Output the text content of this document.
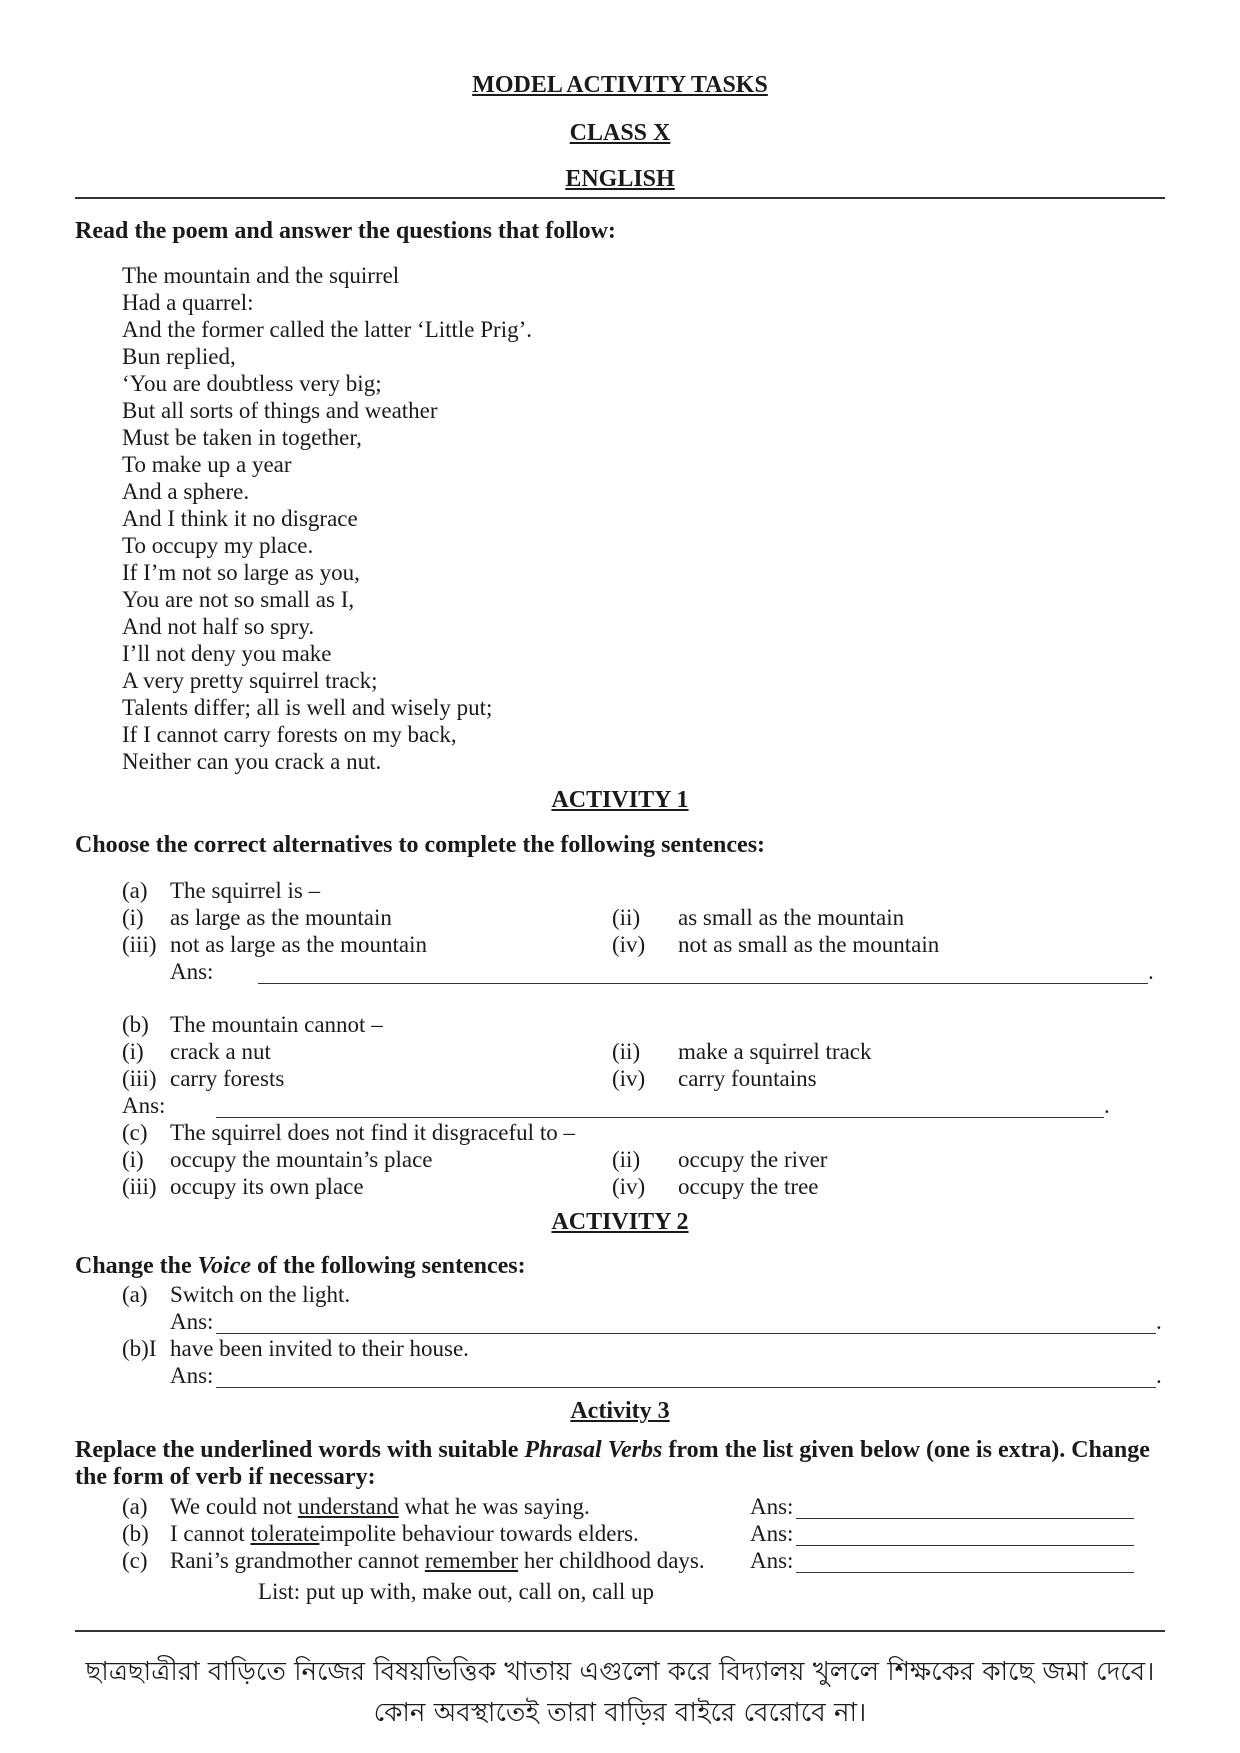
MODEL ACTIVITY TASKS
CLASS X
ENGLISH
Read the poem and answer the questions that follow:
The mountain and the squirrel
Had a quarrel:
And the former called the latter ‘Little Prig’.
Bun replied,
‘You are doubtless very big;
But all sorts of things and weather
Must be taken in together,
To make up a year
And a sphere.
And I think it no disgrace
To occupy my place.
If I’m not so large as you,
You are not so small as I,
And not half so spry.
I’ll not deny you make
A very pretty squirrel track;
Talents differ; all is well and wisely put;
If I cannot carry forests on my back,
Neither can you crack a nut.
ACTIVITY 1
Choose the correct alternatives to complete the following sentences:
(a) The squirrel is –
(i) as large as the mountain	(ii) as small as the mountain
(iii) not as large as the mountain	(iv) not as small as the mountain
Ans:	.
(b) The mountain cannot –
(i) crack a nut	(ii) make a squirrel track
(iii) carry forests	(iv) carry fountains
Ans:	.
(c) The squirrel does not find it disgraceful to –
(i) occupy the mountain’s place	(ii) occupy the river
(iii) occupy its own place	(iv) occupy the tree
ACTIVITY 2
Change the Voice of the following sentences:
(a) Switch on the light.
Ans:	.
(b)I have been invited to their house.
Ans:	.
Activity 3
Replace the underlined words with suitable Phrasal Verbs from the list given below (one is extra). Change
the form of verb if necessary:
(a) We could not understand what he was saying.	Ans:
(b) I cannot tolerateimpolite behaviour towards elders.	Ans:
(c) Rani’s grandmother cannot remember her childhood days. Ans:
List: put up with, make out, call on, call up
ছাত্রছাত্রীরা বাড়িতে নিজের বিষয়ভিত্তিক খাতায় এগুলো করে বিদ্যালয় খুললে শিক্ষকের কাছে জমা দেবে।
কোন অবস্থাতেই তারা বাড়ির বাইরে বেরোবে না।
